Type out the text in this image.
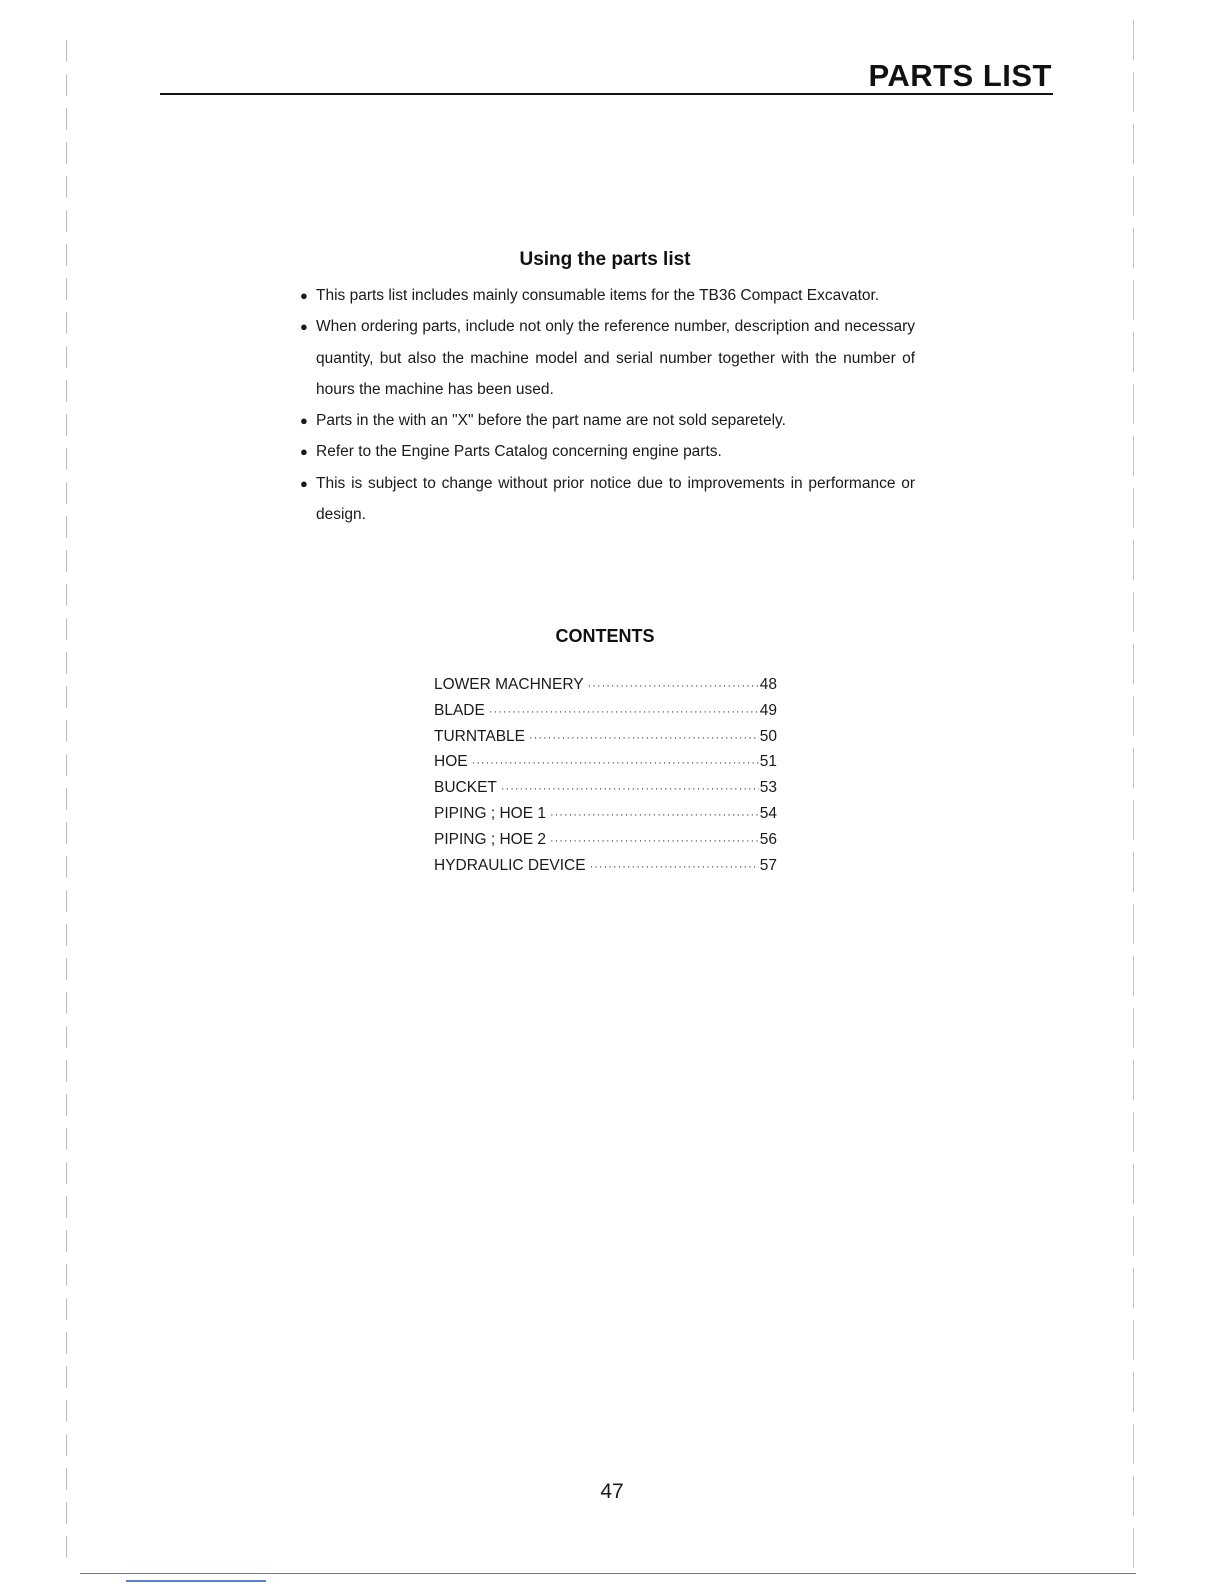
PARTS LIST
Using the parts list
● This parts list includes mainly consumable items for the TB36 Compact Excavator.
● When ordering parts, include not only the reference number, description and necessary quantity, but also the machine model and serial number together with the number of hours the machine has been used.
● Parts in the with an "X" before the part name are not sold separetely.
● Refer to the Engine Parts Catalog concerning engine parts.
● This is subject to change without prior notice due to improvements in performance or design.
CONTENTS
LOWER MACHNERY ·····	48
BLADE ·····	49
TURNTABLE ·····	50
HOE ·····	51
BUCKET ·····	53
PIPING ; HOE 1 ·····	54
PIPING ; HOE 2 ·····	56
HYDRAULIC DEVICE ·····	57
47
